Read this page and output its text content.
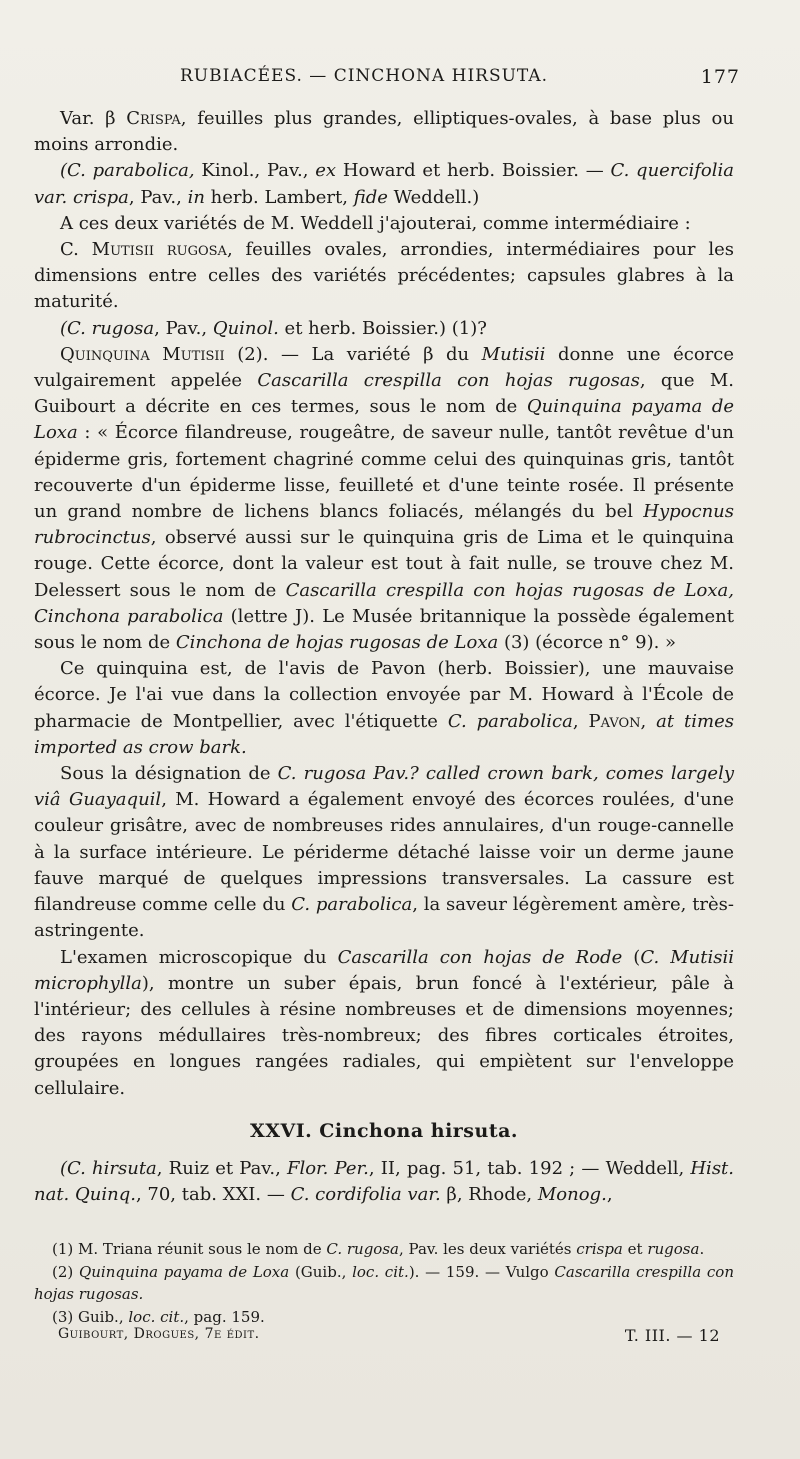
RUBIACÉES. — CINCHONA HIRSUTA.	177

Var. β Crispa, feuilles plus grandes, elliptiques-ovales, à base plus ou moins arrondie.

(C. parabolica, Kinol., Pav., ex Howard et herb. Boissier. — C. quercifolia var. crispa, Pav., in herb. Lambert, fide Weddell.)

A ces deux variétés de M. Weddell j'ajouterai, comme intermédiaire :

C. Mutisii rugosa, feuilles ovales, arrondies, intermédiaires pour les dimensions entre celles des variétés précédentes; capsules glabres à la maturité.

(C. rugosa, Pav., Quinol. et herb. Boissier.) (1)?

Quinquina Mutisii (2). — La variété β du Mutisii donne une écorce vulgairement appelée Cascarilla crespilla con hojas rugosas, que M. Guibourt a décrite en ces termes, sous le nom de Quinquina payama de Loxa : « Écorce filandreuse, rougeâtre, de saveur nulle, tantôt revêtue d'un épiderme gris, fortement chagriné comme celui des quinquinas gris, tantôt recouverte d'un épiderme lisse, feuilleté et d'une teinte rosée. Il présente un grand nombre de lichens blancs foliacés, mélangés du bel Hypocnus rubrocinctus, observé aussi sur le quinquina gris de Lima et le quinquina rouge. Cette écorce, dont la valeur est tout à fait nulle, se trouve chez M. Delessert sous le nom de Cascarilla crespilla con hojas rugosas de Loxa, Cinchona parabolica (lettre J). Le Musée britannique la possède également sous le nom de Cinchona de hojas rugosas de Loxa (3) (écorce n° 9). »

Ce quinquina est, de l'avis de Pavon (herb. Boissier), une mauvaise écorce. Je l'ai vue dans la collection envoyée par M. Howard à l'École de pharmacie de Montpellier, avec l'étiquette C. parabolica, Pavon, at times imported as crow bark.

Sous la désignation de C. rugosa Pav.? called crown bark, comes largely viâ Guayaquil, M. Howard a également envoyé des écorces roulées, d'une couleur grisâtre, avec de nombreuses rides annulaires, d'un rouge-cannelle à la surface intérieure. Le périderme détaché laisse voir un derme jaune fauve marqué de quelques impressions transversales. La cassure est filandreuse comme celle du C. parabolica, la saveur légèrement amère, très-astringente.

L'examen microscopique du Cascarilla con hojas de Rode (C. Mutisii microphylla), montre un suber épais, brun foncé à l'extérieur, pâle à l'intérieur; des cellules à résine nombreuses et de dimensions moyennes; des rayons médullaires très-nombreux; des fibres corticales étroites, groupées en longues rangées radiales, qui empiètent sur l'enveloppe cellulaire.

XXVI. Cinchona hirsuta.

(C. hirsuta, Ruiz et Pav., Flor. Per., II, pag. 51, tab. 192 ; — Weddell, Hist. nat. Quinq., 70, tab. XXI. — C. cordifolia var. β, Rhode, Monog.,

(1) M. Triana réunit sous le nom de C. rugosa, Pav. les deux variétés crispa et rugosa.

(2) Quinquina payama de Loxa (Guib., loc. cit.). — 159. — Vulgo Cascarilla crespilla con hojas rugosas.

(3) Guib., loc. cit., pag. 159.

Guibourt, Drogues, 7e édit.	T. III. — 12
